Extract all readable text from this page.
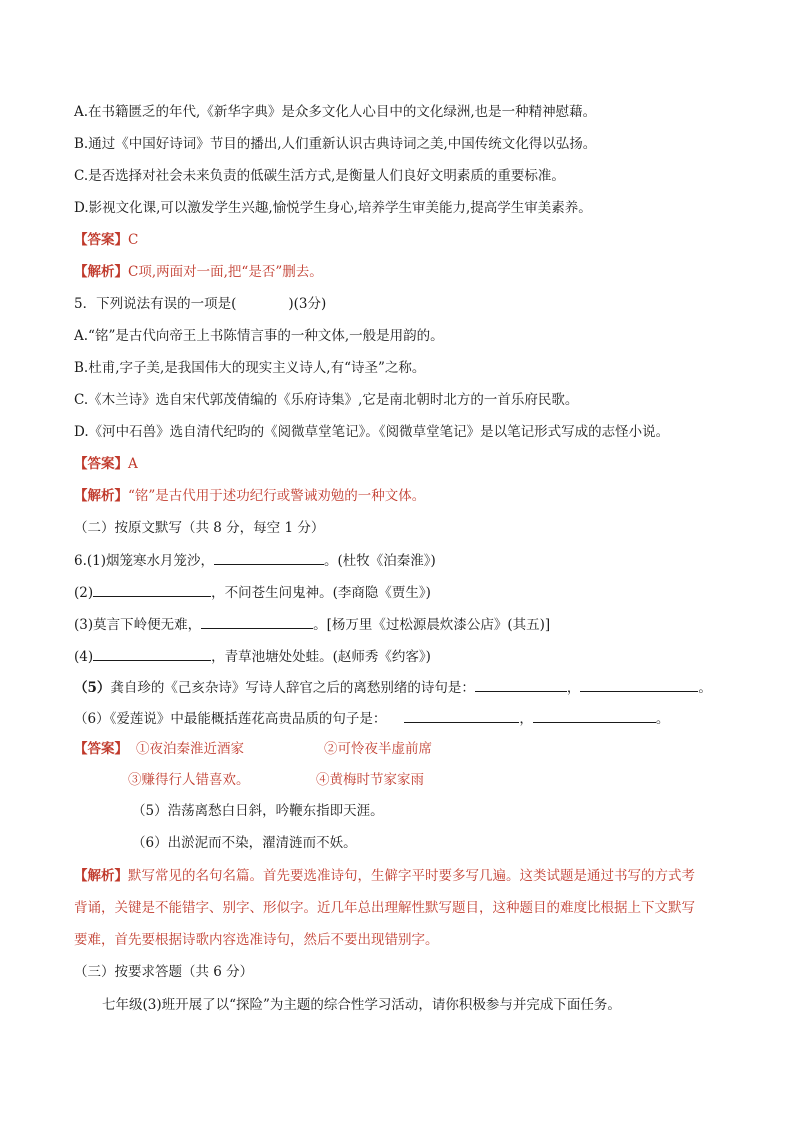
A.在书籍匮乏的年代,《新华字典》是众多文化人心目中的文化绿洲,也是一种精神慰藉。
B.通过《中国好诗词》节目的播出,人们重新认识古典诗词之美,中国传统文化得以弘扬。
C.是否选择对社会未来负责的低碳生活方式,是衡量人们良好文明素质的重要标准。
D.影视文化课,可以激发学生兴趣,愉悦学生身心,培养学生审美能力,提高学生审美素养。
【答案】C
【解析】C项,两面对一面,把“是否”删去。
5．下列说法有误的一项是(	)(3分)
A.“铭”是古代向帝王上书陈情言事的一种文体,一般是用韵的。
B.杜甫,字子美,是我国伟大的现实主义诗人,有“诗圣”之称。
C.《木兰诗》选自宋代郭茂倩编的《乐府诗集》,它是南北朝时北方的一首乐府民歌。
D.《河中石兽》选自清代纪昀的《阅微草堂笔记》。《阅微草堂笔记》是以笔记形式写成的志怪小说。
【答案】A
【解析】“铭”是古代用于述功纪行或警诫劝勉的一种文体。
（二）按原文默写（共 8 分，每空 1 分）
6.(1)烟笼寒水月笼沙，	。(杜牧《泊秦淮》)
(2)	，不问苍生问鬼神。(李商隐《贾生》)
(3)莫言下岭便无难，	。[杨万里《过松源晨炊漆公店》(其五)]
(4)	，青草池塘处处蛙。(赵师秀《约客》)
（5）龚自珍的《己亥杂诗》写诗人辞官之后的离愁别绪的诗句是：	，	。
（6）《爱莲说》中最能概括莲花高贵品质的句子是：	，	。
【答案】 ①夜泊秦淮近酒家	②可怜夜半虚前席
③赚得行人错喜欢。	④黄梅时节家家雨
（5）浩荡离愁白日斜，吟鞭东指即天涯。
（6）出淤泥而不染，濯清涟而不妖。
【解析】默写常见的名句名篇。首先要选准诗句，生僻字平时要多写几遍。这类试题是通过书写的方式考
背诵，关键是不能错字、别字、形似字。近几年总出理解性默写题目，这种题目的难度比根据上下文默写
要难，首先要根据诗歌内容选准诗句，然后不要出现错别字。
（三）按要求答题（共 6 分）
七年级(3)班开展了以“探险”为主题的综合性学习活动，请你积极参与并完成下面任务。
